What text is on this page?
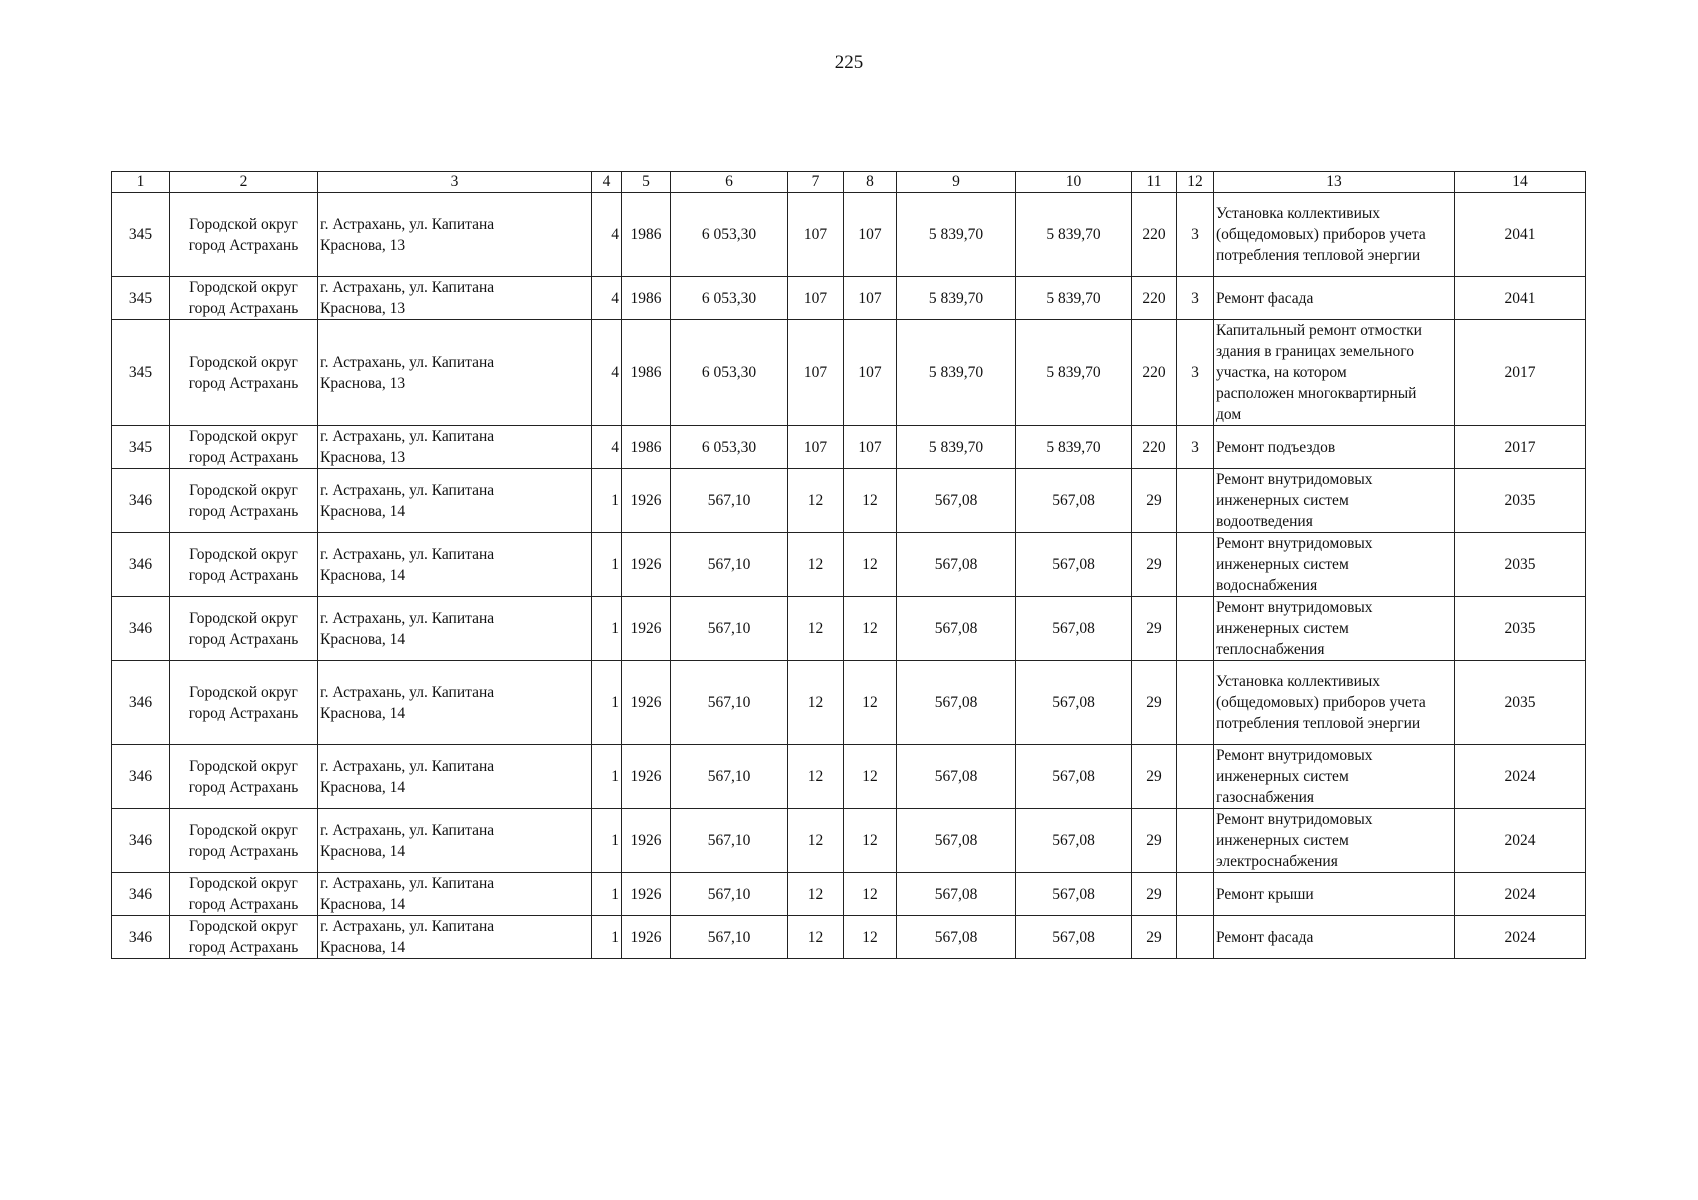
225
1	2	3	4	5	6	7	8	9	10	11	12	13	14
345	Городской округ
город Астрахань	г. Астрахань, ул. Капитана
Краснова, 13	4	1986	6 053,30	107	107	5 839,70	5 839,70	220	3	Установка коллективиых
(общедомовых) приборов учета
потребления тепловой энергии	2041
345	Городской округ
город Астрахань	г. Астрахань, ул. Капитана
Краснова, 13	4	1986	6 053,30	107	107	5 839,70	5 839,70	220	3	Ремонт фасада	2041
345	Городской округ
город Астрахань	г. Астрахань, ул. Капитана
Краснова, 13	4	1986	6 053,30	107	107	5 839,70	5 839,70	220	3	Капитальный ремонт отмостки
здания в границах земельного
участка, на котором
расположен многоквартирный
дом	2017
345	Городской округ
город Астрахань	г. Астрахань, ул. Капитана
Краснова, 13	4	1986	6 053,30	107	107	5 839,70	5 839,70	220	3	Ремонт подъездов	2017
346	Городской округ
город Астрахань	г. Астрахань, ул. Капитана
Краснова, 14	1	1926	567,10	12	12	567,08	567,08	29		Ремонт внутридомовых
инженерных систем
водоотведения	2035
346	Городской округ
город Астрахань	г. Астрахань, ул. Капитана
Краснова, 14	1	1926	567,10	12	12	567,08	567,08	29		Ремонт внутридомовых
инженерных систем
водоснабжения	2035
346	Городской округ
город Астрахань	г. Астрахань, ул. Капитана
Краснова, 14	1	1926	567,10	12	12	567,08	567,08	29		Ремонт внутридомовых
инженерных систем
теплоснабжения	2035
346	Городской округ
город Астрахань	г. Астрахань, ул. Капитана
Краснова, 14	1	1926	567,10	12	12	567,08	567,08	29		Установка коллективиых
(общедомовых) приборов учета
потребления тепловой энергии	2035
346	Городской округ
город Астрахань	г. Астрахань, ул. Капитана
Краснова, 14	1	1926	567,10	12	12	567,08	567,08	29		Ремонт внутридомовых
инженерных систем
газоснабжения	2024
346	Городской округ
город Астрахань	г. Астрахань, ул. Капитана
Краснова, 14	1	1926	567,10	12	12	567,08	567,08	29		Ремонт внутридомовых
инженерных систем
электроснабжения	2024
346	Городской округ
город Астрахань	г. Астрахань, ул. Капитана
Краснова, 14	1	1926	567,10	12	12	567,08	567,08	29		Ремонт крыши	2024
346	Городской округ
город Астрахань	г. Астрахань, ул. Капитана
Краснова, 14	1	1926	567,10	12	12	567,08	567,08	29		Ремонт фасада	2024
